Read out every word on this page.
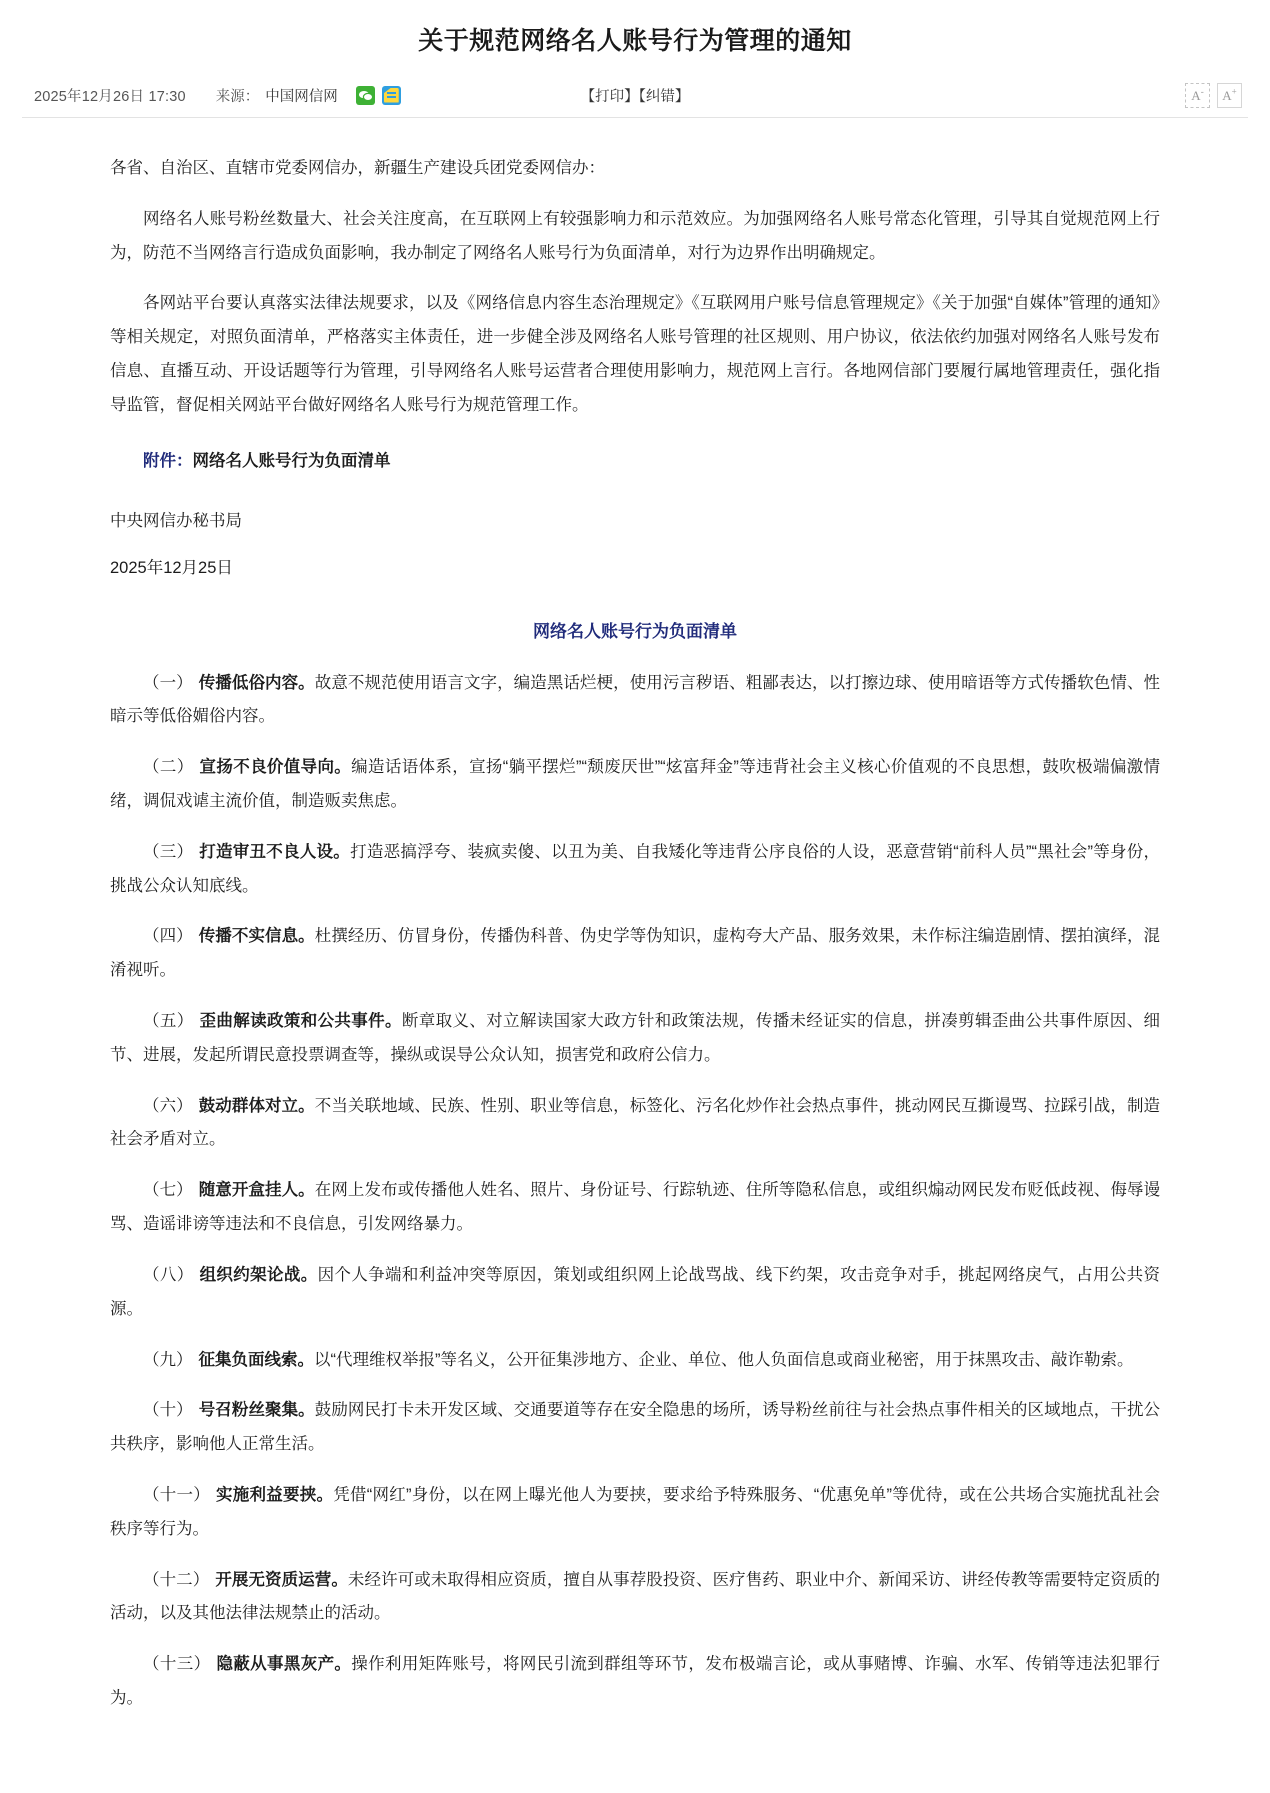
关于规范网络名人账号行为管理的通知
2025年12月26日 17:30 来源： 中国网信网	【打印】【纠错】	A-	A+

各省、自治区、直辖市党委网信办，新疆生产建设兵团党委网信办：

网络名人账号粉丝数量大、社会关注度高，在互联网上有较强影响力和示范效应。为加强网络名人账号常态化管理，引导其自觉规范网上行为，防范不当网络言行造成负面影响，我办制定了网络名人账号行为负面清单，对行为边界作出明确规定。

各网站平台要认真落实法律法规要求，以及《网络信息内容生态治理规定》《互联网用户账号信息管理规定》《关于加强“自媒体”管理的通知》等相关规定，对照负面清单，严格落实主体责任，进一步健全涉及网络名人账号管理的社区规则、用户协议，依法依约加强对网络名人账号发布信息、直播互动、开设话题等行为管理，引导网络名人账号运营者合理使用影响力，规范网上言行。各地网信部门要履行属地管理责任，强化指导监管，督促相关网站平台做好网络名人账号行为规范管理工作。

附件：网络名人账号行为负面清单

中央网信办秘书局

2025年12月25日

网络名人账号行为负面清单

（一） 传播低俗内容。故意不规范使用语言文字，编造黑话烂梗，使用污言秽语、粗鄙表达，以打擦边球、使用暗语等方式传播软色情、性暗示等低俗媚俗内容。

（二） 宣扬不良价值导向。编造话语体系，宣扬“躺平摆烂”“颓废厌世”“炫富拜金”等违背社会主义核心价值观的不良思想，鼓吹极端偏激情绪，调侃戏谑主流价值，制造贩卖焦虑。

（三） 打造审丑不良人设。打造恶搞浮夸、装疯卖傻、以丑为美、自我矮化等违背公序良俗的人设，恶意营销“前科人员”“黑社会”等身份，挑战公众认知底线。

（四） 传播不实信息。杜撰经历、仿冒身份，传播伪科普、伪史学等伪知识，虚构夸大产品、服务效果，未作标注编造剧情、摆拍演绎，混淆视听。

（五） 歪曲解读政策和公共事件。断章取义、对立解读国家大政方针和政策法规，传播未经证实的信息，拼凑剪辑歪曲公共事件原因、细节、进展，发起所谓民意投票调查等，操纵或误导公众认知，损害党和政府公信力。

（六） 鼓动群体对立。不当关联地域、民族、性别、职业等信息，标签化、污名化炒作社会热点事件，挑动网民互撕谩骂、拉踩引战，制造社会矛盾对立。

（七） 随意开盒挂人。在网上发布或传播他人姓名、照片、身份证号、行踪轨迹、住所等隐私信息，或组织煽动网民发布贬低歧视、侮辱谩骂、造谣诽谤等违法和不良信息，引发网络暴力。

（八） 组织约架论战。因个人争端和利益冲突等原因，策划或组织网上论战骂战、线下约架，攻击竞争对手，挑起网络戾气，占用公共资源。

（九） 征集负面线索。以“代理维权举报”等名义，公开征集涉地方、企业、单位、他人负面信息或商业秘密，用于抹黑攻击、敲诈勒索。

（十） 号召粉丝聚集。鼓励网民打卡未开发区域、交通要道等存在安全隐患的场所，诱导粉丝前往与社会热点事件相关的区域地点，干扰公共秩序，影响他人正常生活。

（十一） 实施利益要挟。凭借“网红”身份，以在网上曝光他人为要挟，要求给予特殊服务、“优惠免单”等优待，或在公共场合实施扰乱社会秩序等行为。

（十二） 开展无资质运营。未经许可或未取得相应资质，擅自从事荐股投资、医疗售药、职业中介、新闻采访、讲经传教等需要特定资质的活动，以及其他法律法规禁止的活动。

（十三） 隐蔽从事黑灰产。操作利用矩阵账号，将网民引流到群组等环节，发布极端言论，或从事赌博、诈骗、水军、传销等违法犯罪行为。
